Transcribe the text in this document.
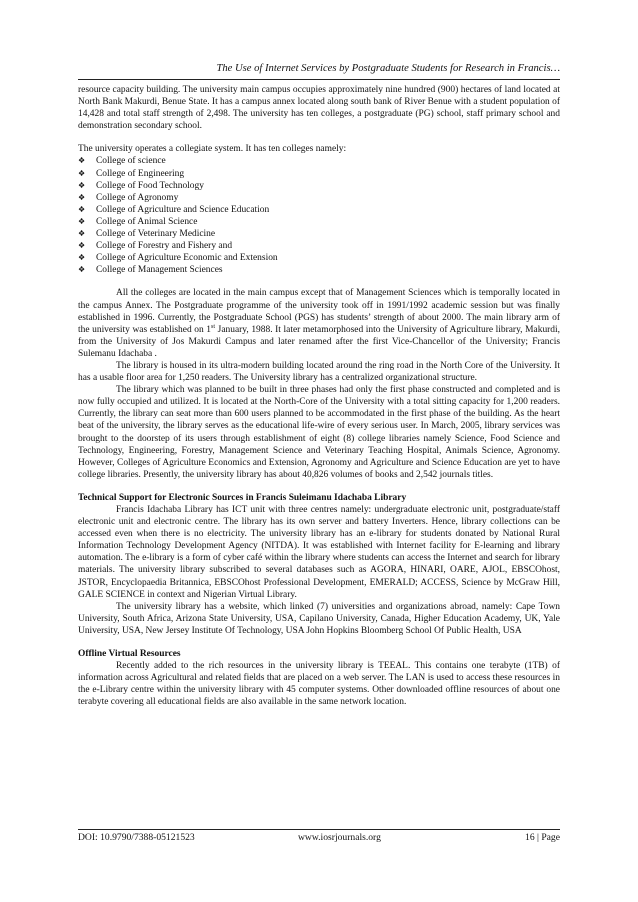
The Use of Internet Services by Postgraduate Students for Research in Francis…

resource capacity building. The university main campus occupies approximately nine hundred (900) hectares of land located at North Bank Makurdi, Benue State. It has a campus annex located along south bank of River Benue with a student population of 14,428 and total staff strength of 2,498. The university has ten colleges, a postgraduate (PG) school, staff primary school and demonstration secondary school.

The university operates a collegiate system. It has ten colleges namely:

❖	College of science
❖	College of Engineering
❖	College of Food Technology
❖	College of Agronomy
❖	College of Agriculture and Science Education
❖	College of Animal Science
❖	College of Veterinary Medicine
❖	College of Forestry and Fishery and
❖	College of Agriculture Economic and Extension
❖	College of Management Sciences

All the colleges are located in the main campus except that of Management Sciences which is temporally located in the campus Annex. The Postgraduate programme of the university took off in 1991/1992 academic session but was finally established in 1996. Currently, the Postgraduate School (PGS) has students’ strength of about 2000. The main library arm of the university was established on 1st January, 1988. It later metamorphosed into the University of Agriculture library, Makurdi, from the University of Jos Makurdi Campus and later renamed after the first Vice-Chancellor of the University; Francis Sulemanu Idachaba .

The library is housed in its ultra-modern building located around the ring road in the North Core of the University. It has a usable floor area for 1,250 readers. The University library has a centralized organizational structure.

The library which was planned to be built in three phases had only the first phase constructed and completed and is now fully occupied and utilized. It is located at the North-Core of the University with a total sitting capacity for 1,200 readers. Currently, the library can seat more than 600 users planned to be accommodated in the first phase of the building. As the heart beat of the university, the library serves as the educational life-wire of every serious user. In March, 2005, library services was brought to the doorstep of its users through establishment of eight (8) college libraries namely Science, Food Science and Technology, Engineering, Forestry, Management Science and Veterinary Teaching Hospital, Animals Science, Agronomy. However, Colleges of Agriculture Economics and Extension, Agronomy and Agriculture and Science Education are yet to have college libraries. Presently, the university library has about 40,826 volumes of books and 2,542 journals titles.

Technical Support for Electronic Sources in Francis Suleimanu Idachaba Library

Francis Idachaba Library has ICT unit with three centres namely: undergraduate electronic unit, postgraduate/staff electronic unit and electronic centre. The library has its own server and battery Inverters. Hence, library collections can be accessed even when there is no electricity. The university library has an e-library for students donated by National Rural Information Technology Development Agency (NITDA). It was established with Internet facility for E-learning and library automation. The e-library is a form of cyber café within the library where students can access the Internet and search for library materials. The university library subscribed to several databases such as AGORA, HINARI, OARE, AJOL, EBSCOhost, JSTOR, Encyclopaedia Britannica, EBSCOhost Professional Development, EMERALD; ACCESS, Science by McGraw Hill, GALE SCIENCE in context and Nigerian Virtual Library.

The university library has a website, which linked (7) universities and organizations abroad, namely: Cape Town University, South Africa, Arizona State University, USA, Capilano University, Canada, Higher Education Academy, UK, Yale University, USA, New Jersey Institute Of Technology, USA John Hopkins Bloomberg School Of Public Health, USA

Offline Virtual Resources

Recently added to the rich resources in the university library is TEEAL. This contains one terabyte (1TB) of information across Agricultural and related fields that are placed on a web server. The LAN is used to access these resources in the e-Library centre within the university library with 45 computer systems. Other downloaded offline resources of about one terabyte covering all educational fields are also available in the same network location.

DOI: 10.9790/7388-05121523	www.iosrjournals.org	16 | Page
